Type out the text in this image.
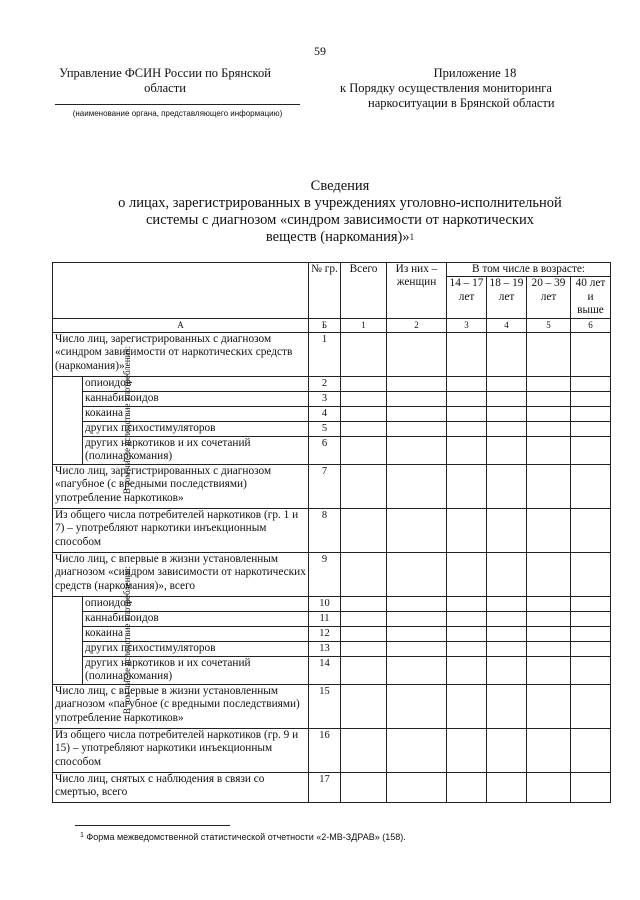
59
Управление ФСИН России по Брянской
области
(наименование органа, представляющего информацию)
Приложение 18
к Порядку осуществления мониторинга
наркоситуации в Брянской области
Сведения
о лицах, зарегистрированных в учреждениях уголовно-исполнительной
системы с диагнозом «синдром зависимости от наркотических
веществ (наркомания)»$^1$
		№ гр.	Всего	Из них – женщин	В том числе в возрасте:			
					14 – 17 лет	18 – 19 лет	20 – 39 лет	40 лет и выше

А		Б	1	2	3	4	5	6
Число лиц, зарегистрированных с диагнозом «синдром зависимости от наркотических средств (наркомания)»		1						
В том числе вследствие употребления:	опиоидов	2						
	каннабиноидов	3						
	кокаина	4						
	других психостимуляторов	5						
	других наркотиков и их сочетаний (полинаркомания)	6						
Число лиц, зарегистрированных с диагнозом «пагубное (с вредными последствиями) употребление наркотиков»		7						
Из общего числа потребителей наркотиков (гр. 1 и 7) – употребляют наркотики инъекционным способом		8						
Число лиц, с впервые в жизни установленным диагнозом «синдром зависимости от наркотических средств (наркомания)», всего		9						
В том числе вследствие употребления:	опиоидов	10						
	каннабиноидов	11						
	кокаина	12						
	других психостимуляторов	13						
	других наркотиков и их сочетаний (полинаркомания)	14						
Число лиц, с впервые в жизни установленным диагнозом «пагубное (с вредными последствиями) употребление наркотиков»		15						
Из общего числа потребителей наркотиков (гр. 9 и 15) – употребляют наркотики инъекционным способом		16						
Число лиц, снятых с наблюдения в связи со смертью, всего		17						
$^1$ Форма межведомственной статистической отчетности «2-МВ-ЗДРАВ» (158).
